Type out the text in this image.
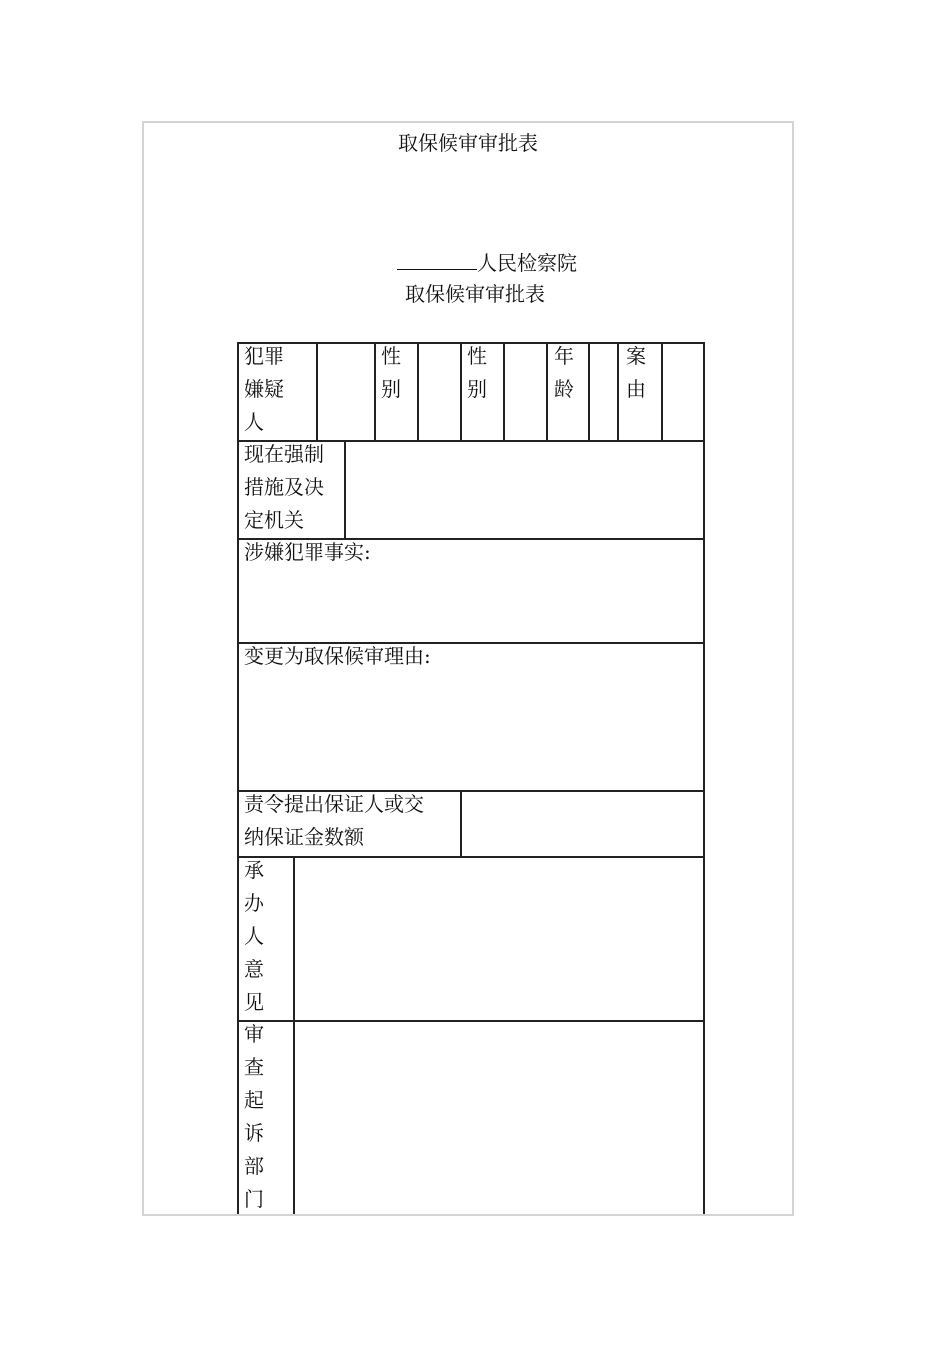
取保候审审批表
人民检察院
取保候审审批表
犯罪
嫌疑
人
性
别
性
别
年
龄
案
由
现在强制
措施及决
定机关
涉嫌犯罪事实:
变更为取保候审理由:
责令提出保证人或交
纳保证金数额
承
办
人
意
见
审
查
起
诉
部
门
